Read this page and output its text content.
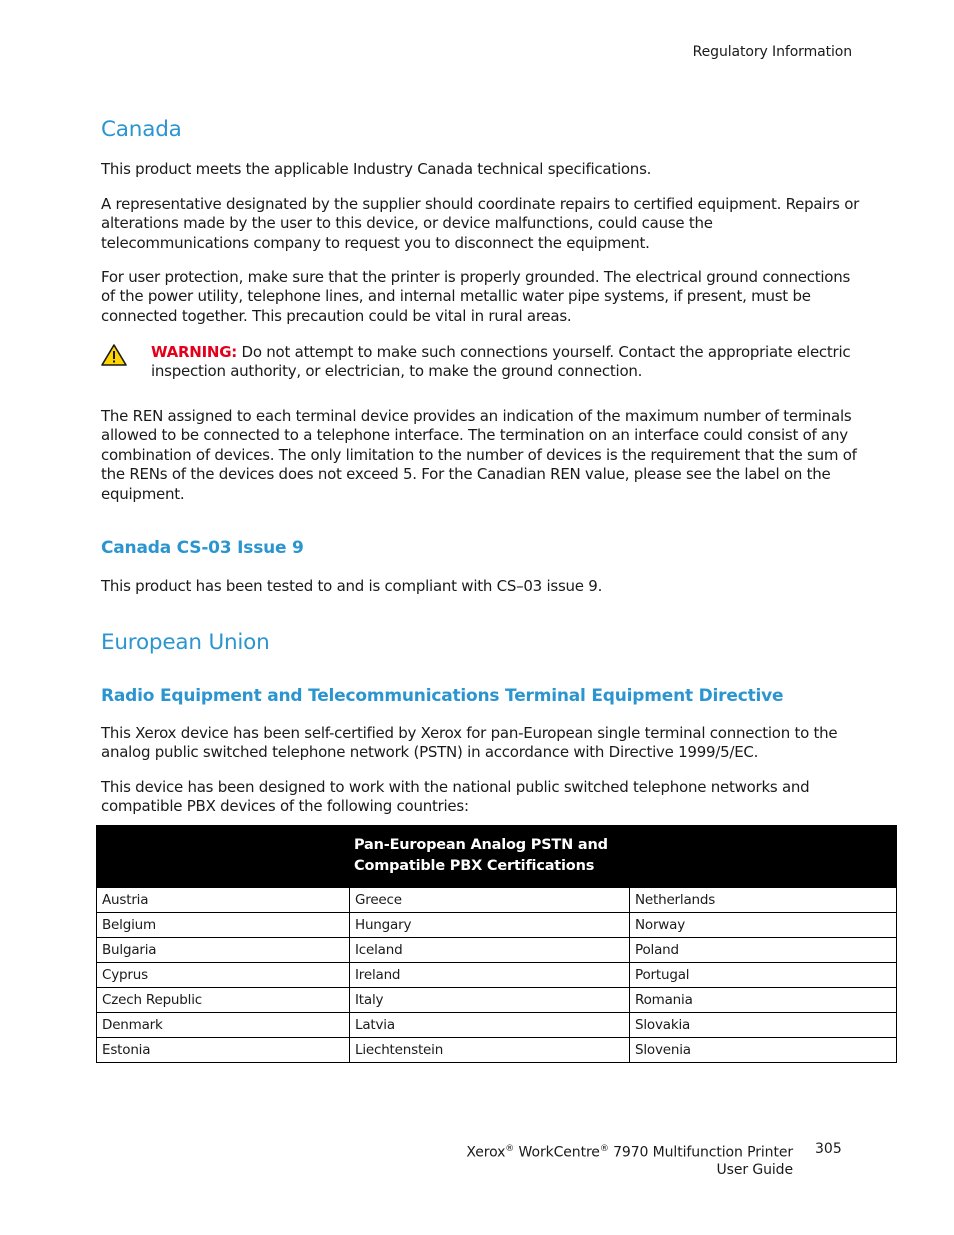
Regulatory Information
Canada

This product meets the applicable Industry Canada technical specifications.

A representative designated by the supplier should coordinate repairs to certified equipment. Repairs or alterations made by the user to this device, or device malfunctions, could cause the telecommunications company to request you to disconnect the equipment.

For user protection, make sure that the printer is properly grounded. The electrical ground connections of the power utility, telephone lines, and internal metallic water pipe systems, if present, must be connected together. This precaution could be vital in rural areas.

WARNING: Do not attempt to make such connections yourself. Contact the appropriate electric inspection authority, or electrician, to make the ground connection.

The REN assigned to each terminal device provides an indication of the maximum number of terminals allowed to be connected to a telephone interface. The termination on an interface could consist of any combination of devices. The only limitation to the number of devices is the requirement that the sum of the RENs of the devices does not exceed 5. For the Canadian REN value, please see the label on the equipment.

Canada CS-03 Issue 9

This product has been tested to and is compliant with CS–03 issue 9.

European Union
Radio Equipment and Telecommunications Terminal Equipment Directive

This Xerox device has been self-certified by Xerox for pan-European single terminal connection to the analog public switched telephone network (PSTN) in accordance with Directive 1999/5/EC.

This device has been designed to work with the national public switched telephone networks and compatible PBX devices of the following countries:

Pan-European Analog PSTN and
Compatible PBX Certifications		
Austria	Greece	Netherlands
Belgium	Hungary	Norway
Bulgaria	Iceland	Poland
Cyprus	Ireland	Portugal
Czech Republic	Italy	Romania
Denmark	Latvia	Slovakia
Estonia	Liechtenstein	Slovenia
Xerox® WorkCentre® 7970 Multifunction Printer
User Guide
305
